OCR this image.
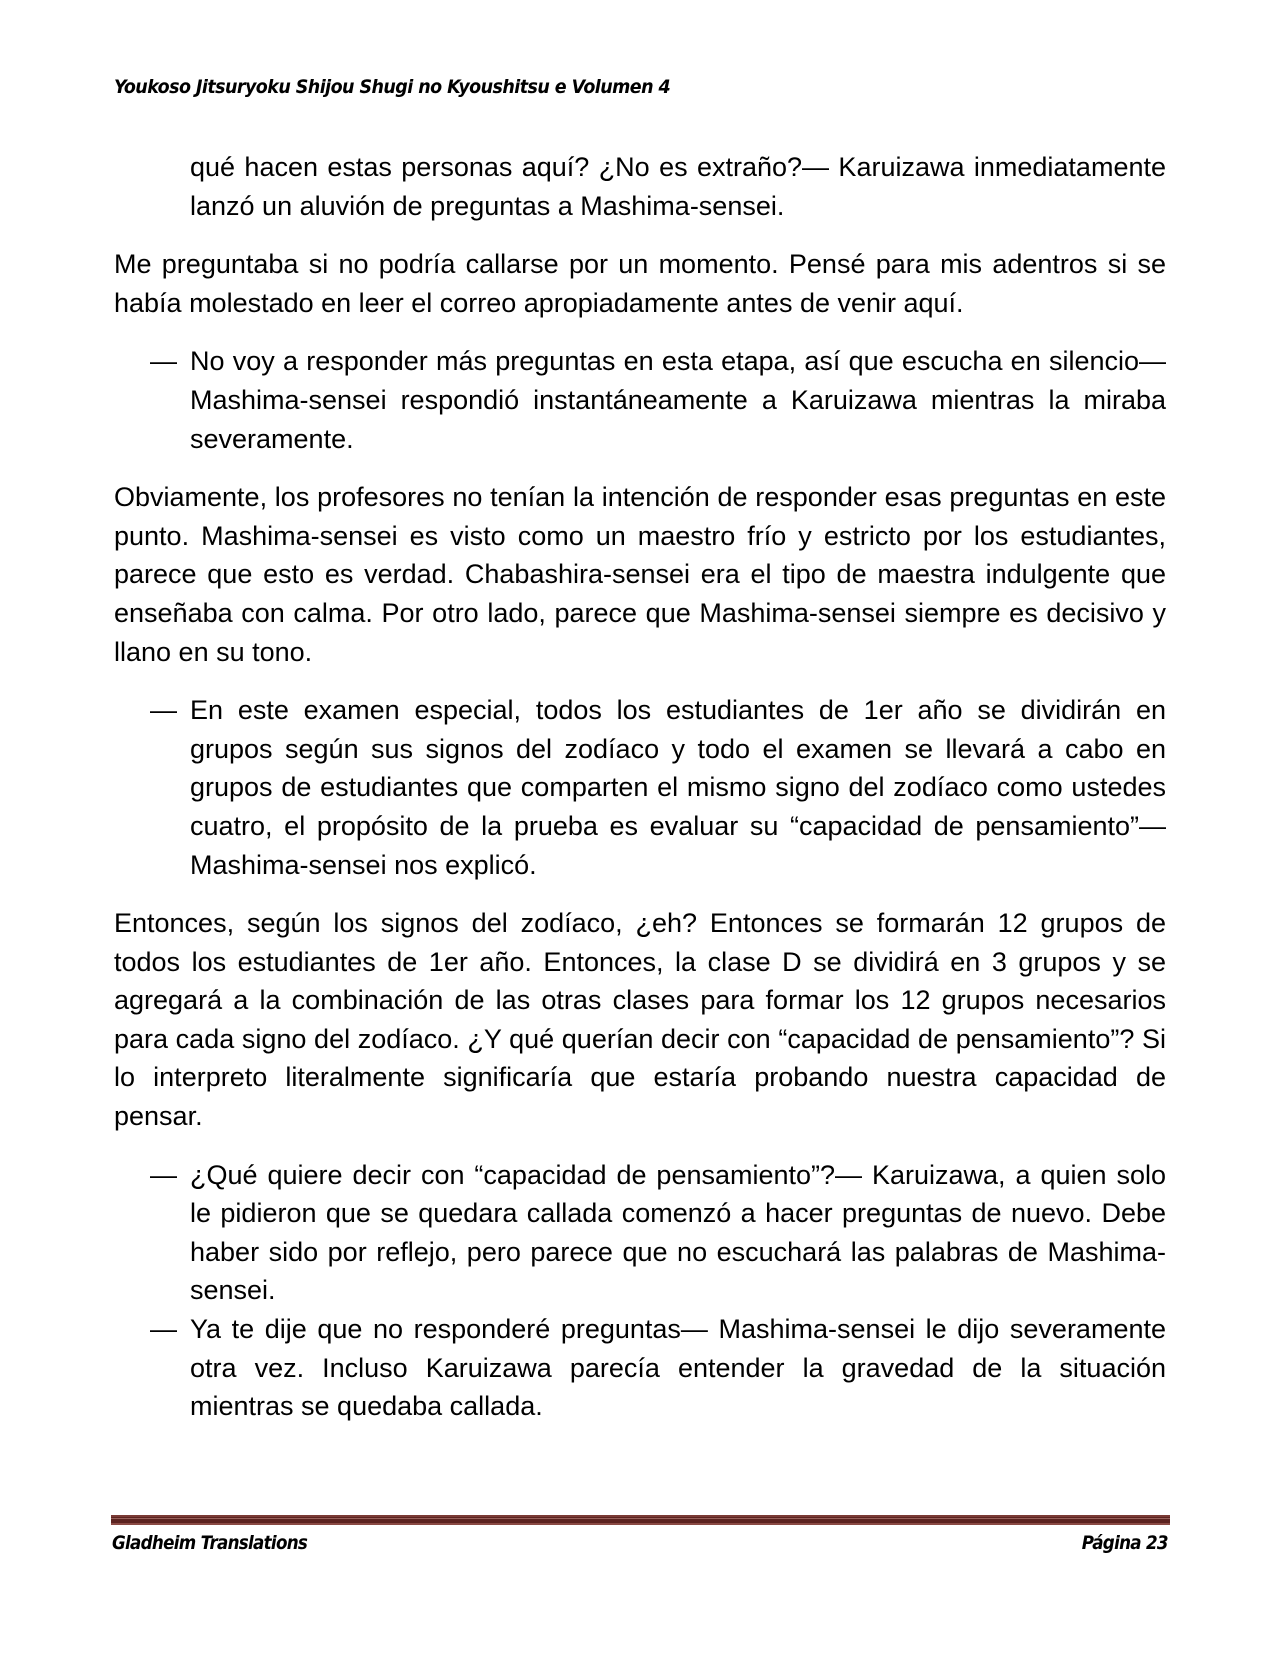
Youkoso Jitsuryoku Shijou Shugi no Kyoushitsu e Volumen 4

qué hacen estas personas aquí? ¿No es extraño?— Karuizawa inmediatamente lanzó un aluvión de preguntas a Mashima-sensei.

Me preguntaba si no podría callarse por un momento. Pensé para mis adentros si se había molestado en leer el correo apropiadamente antes de venir aquí.

— No voy a responder más preguntas en esta etapa, así que escucha en silencio— Mashima-sensei respondió instantáneamente a Karuizawa mientras la miraba severamente.

Obviamente, los profesores no tenían la intención de responder esas preguntas en este punto. Mashima-sensei es visto como un maestro frío y estricto por los estudiantes, parece que esto es verdad. Chabashira-sensei era el tipo de maestra indulgente que enseñaba con calma. Por otro lado, parece que Mashima-sensei siempre es decisivo y llano en su tono.

— En este examen especial, todos los estudiantes de 1er año se dividirán en grupos según sus signos del zodíaco y todo el examen se llevará a cabo en grupos de estudiantes que comparten el mismo signo del zodíaco como ustedes cuatro, el propósito de la prueba es evaluar su “capacidad de pensamiento”— Mashima-sensei nos explicó.

Entonces, según los signos del zodíaco, ¿eh? Entonces se formarán 12 grupos de todos los estudiantes de 1er año. Entonces, la clase D se dividirá en 3 grupos y se agregará a la combinación de las otras clases para formar los 12 grupos necesarios para cada signo del zodíaco. ¿Y qué querían decir con “capacidad de pensamiento”? Si lo interpreto literalmente significaría que estaría probando nuestra capacidad de pensar.

— ¿Qué quiere decir con “capacidad de pensamiento”?— Karuizawa, a quien solo le pidieron que se quedara callada comenzó a hacer preguntas de nuevo. Debe haber sido por reflejo, pero parece que no escuchará las palabras de Mashima-sensei.
— Ya te dije que no responderé preguntas— Mashima-sensei le dijo severamente otra vez. Incluso Karuizawa parecía entender la gravedad de la situación mientras se quedaba callada.
Gladheim Translations	Página 23
